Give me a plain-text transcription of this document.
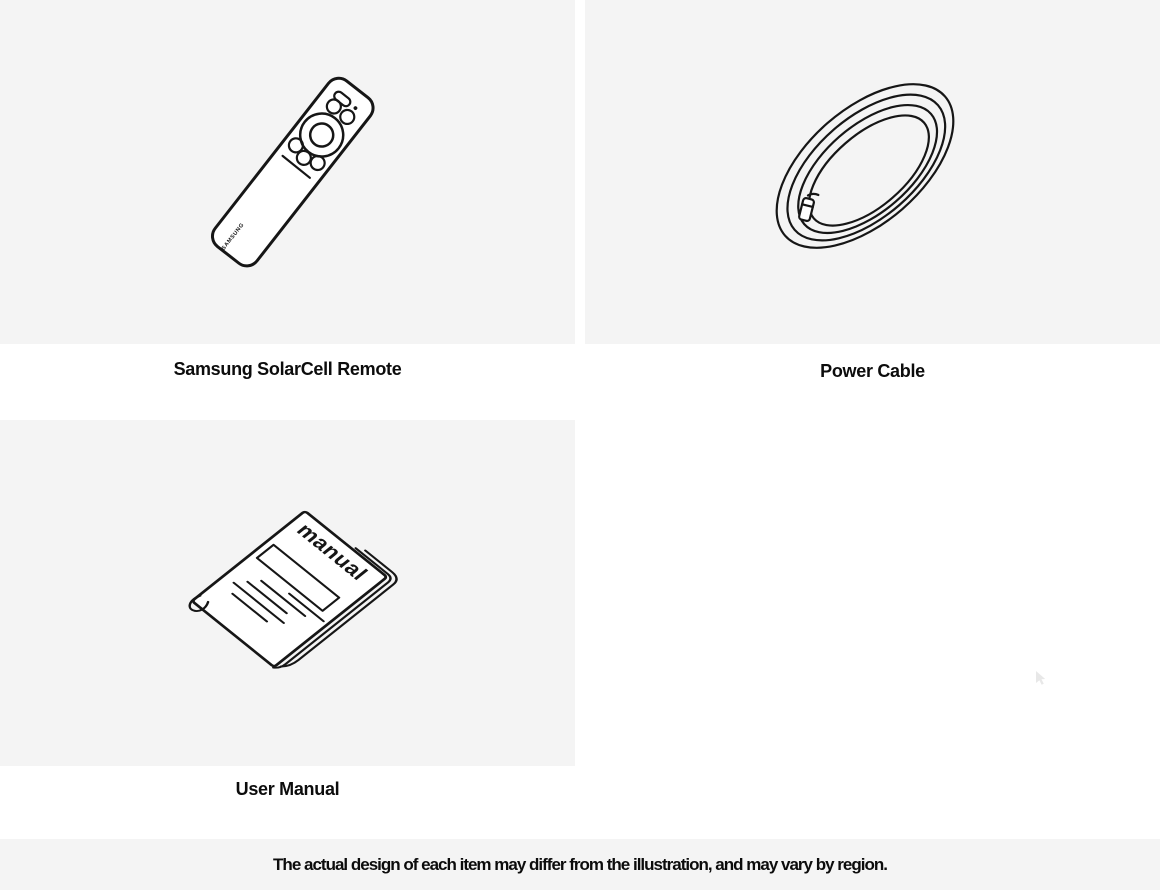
SAMSUNG
Samsung SolarCell Remote	Power Cable
manual
User Manual

The actual design of each item may differ from the illustration, and may vary by region.
